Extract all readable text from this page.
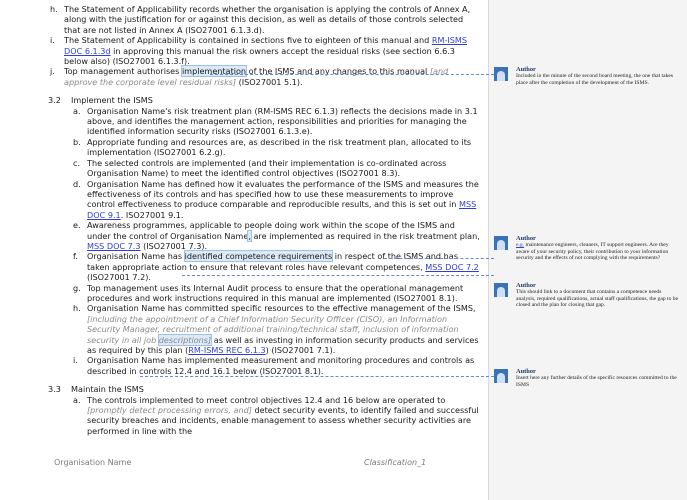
h. The Statement of Applicability records whether the organisation is applying the controls of Annex A, along with the justification for or against this decision, as well as details of those controls selected that are not listed in Annex A (ISO27001 6.1.3.d).
i.	The Statement of Applicability is contained in sections five to eighteen of this manual and RM-ISMS DOC 6.1.3d in approving this manual the risk owners accept the residual risks (see section 6.6.3 below also) (ISO27001 6.1.3.f).
j.	Top management authorises implementation of the ISMS and any changes to this manual [and approve the corporate level residual risks] (ISO27001 5.1).
3.2	Implement the ISMS
a. Organisation Name's risk treatment plan (RM-ISMS REC 6.1.3) reflects the decisions made in 3.1 above, and identifies the management action, responsibilities and priorities for managing the identified information security risks (ISO27001 6.1.3.e).
b. Appropriate funding and resources are, as described in the risk treatment plan, allocated to its implementation (ISO27001 6.2.g).
c. The selected controls are implemented (and their implementation is co-ordinated across Organisation Name) to meet the identified control objectives (ISO27001 8.3).
d. Organisation Name has defined how it evaluates the performance of the ISMS and measures the effectiveness of its controls and has specified how to use these measurements to improve control effectiveness to produce comparable and reproducible results, and this is set out in MSS DOC 9.1. ISO27001 9.1.
e. Awareness programmes, applicable to people doing work within the scope of the ISMS and under the control of Organisation Name, are implemented as required in the risk treatment plan, MSS DOC 7.3 (ISO27001 7.3).
f.	Organisation Name has identified competence requirements in respect of the ISMS and has taken appropriate action to ensure that relevant roles have relevant competences, MSS DOC 7.2 (ISO27001 7.2).
g. Top management uses its Internal Audit process to ensure that the operational management procedures and work instructions required in this manual are implemented (ISO27001 8.1).
h. Organisation Name has committed specific resources to the effective management of the ISMS, [including the appointment of a Chief Information Security Officer (CISO), an Information Security Manager, recruitment of additional training/technical staff, inclusion of information security in all job descriptions] as well as investing in information security products and services as required by this plan (RM-ISMS REC 6.1.3) (ISO27001 7.1).
i.	Organisation Name has implemented measurement and monitoring procedures and controls as described in controls 12.4 and 16.1 below (ISO27001 8.1).
3.3	Maintain the ISMS
a. The controls implemented to meet control objectives 12.4 and 16 below are operated to [promptly detect processing errors, and] detect security events, to identify failed and successful security breaches and incidents, enable management to assess whether security activities are performed in line with the
Organisation Name	Classification_1
Author
Included in the minute of the second board meeting, the one that takes place after the completion of the development of the ISMS.
Author
e.g. maintenance engineers, cleaners, IT support engineers. Are they aware of your security policy, their contribution to your information security and the effects of not complying with the requirements?
Author
This should link to a document that contains a competence needs analysis, required qualifications, actual staff qualifications, the gap to be closed and the plan for closing that gap.
Author
Insert here any further details of the specific resources committed to the ISMS
